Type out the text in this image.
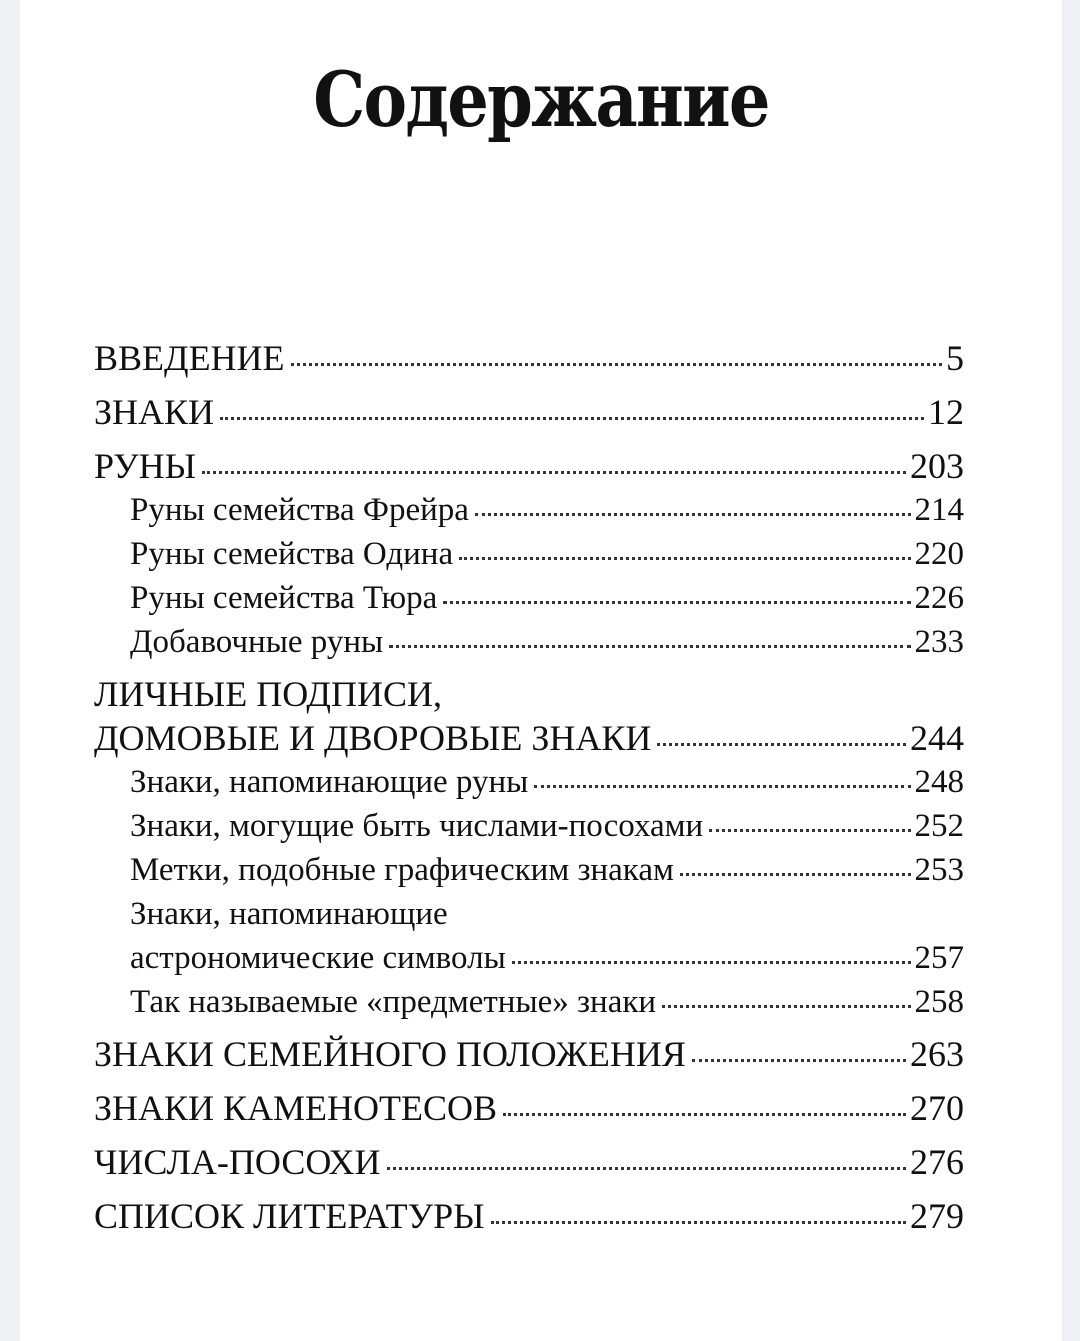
Содержание
ВВЕДЕНИЕ	5
ЗНАКИ	12
РУНЫ	203
Руны семейства Фрейра	214
Руны семейства Одина	220
Руны семейства Тюра	226
Добавочные руны	233
ЛИЧНЫЕ ПОДПИСИ,
ДОМОВЫЕ И ДВОРОВЫЕ ЗНАКИ	244
Знаки, напоминающие руны	248
Знаки, могущие быть числами-посохами	252
Метки, подобные графическим знакам	253
Знаки, напоминающие
астрономические символы	257
Так называемые «предметные» знаки	258
ЗНАКИ СЕМЕЙНОГО ПОЛОЖЕНИЯ	263
ЗНАКИ КАМЕНОТЕСОВ	270
ЧИСЛА-ПОСОХИ	276
СПИСОК ЛИТЕРАТУРЫ	279
